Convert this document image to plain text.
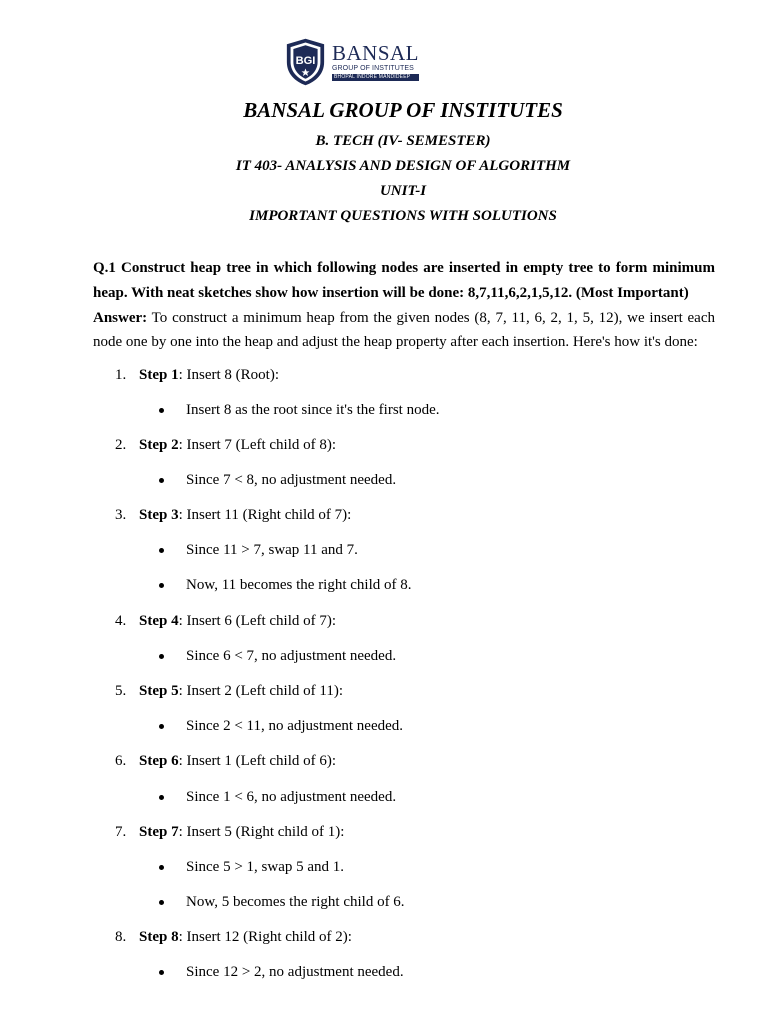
BGI BANSAL
GROUP OF INSTITUTES
BHOPAL INDORE MANDIDEEP
BANSAL GROUP OF INSTITUTES
B. TECH (IV- SEMESTER)
IT 403- ANALYSIS AND DESIGN OF ALGORITHM
UNIT-I
IMPORTANT QUESTIONS WITH SOLUTIONS
Q.1 Construct heap tree in which following nodes are inserted in empty tree to form minimum heap. With neat sketches show how insertion will be done: 8,7,11,6,2,1,5,12. (Most Important)
Answer: To construct a minimum heap from the given nodes (8, 7, 11, 6, 2, 1, 5, 12), we insert each node one by one into the heap and adjust the heap property after each insertion. Here's how it's done:
1. Step 1: Insert 8 (Root):
Insert 8 as the root since it's the first node.
2. Step 2: Insert 7 (Left child of 8):
Since 7 < 8, no adjustment needed.
3. Step 3: Insert 11 (Right child of 7):
Since 11 > 7, swap 11 and 7.
Now, 11 becomes the right child of 8.
4. Step 4: Insert 6 (Left child of 7):
Since 6 < 7, no adjustment needed.
5. Step 5: Insert 2 (Left child of 11):
Since 2 < 11, no adjustment needed.
6. Step 6: Insert 1 (Left child of 6):
Since 1 < 6, no adjustment needed.
7. Step 7: Insert 5 (Right child of 1):
Since 5 > 1, swap 5 and 1.
Now, 5 becomes the right child of 6.
8. Step 8: Insert 12 (Right child of 2):
Since 12 > 2, no adjustment needed.
